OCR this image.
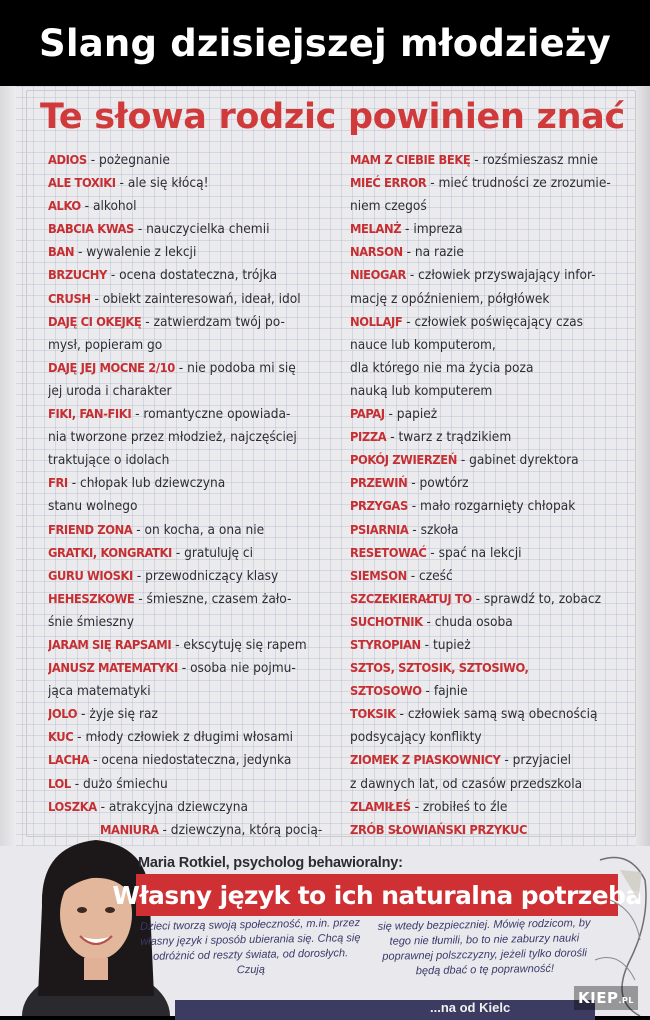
Slang dzisiejszej młodzieży
Te słowa rodzic powinien znać
ADIOS - pożegnanie
ALE TOXIKI - ale się kłócą!
ALKO - alkohol
BABCIA KWAS - nauczycielka chemii
BAN - wywalenie z lekcji
BRZUCHY - ocena dostateczna, trójka
CRUSH - obiekt zainteresowań, ideał, idol
DAJĘ CI OKEJKĘ - zatwierdzam twój po-
mysł, popieram go
DAJĘ JEJ MOCNE 2/10 - nie podoba mi się
jej uroda i charakter
FIKI, FAN-FIKI - romantyczne opowiada-
nia tworzone przez młodzież, najczęściej
traktujące o idolach
FRI - chłopak lub dziewczyna
stanu wolnego
FRIEND ZONA - on kocha, a ona nie
GRATKI, KONGRATKI - gratuluję ci
GURU WIOSKI - przewodniczący klasy
HEHESZKOWE - śmieszne, czasem żało-
śnie śmieszny
JARAM SIĘ RAPSAMI - ekscytuję się rapem
JANUSZ MATEMATYKI - osoba nie pojmu-
jąca matematyki
JOLO - żyje się raz
KUC - młody człowiek z długimi włosami
LACHA - ocena niedostateczna, jedynka
LOL - dużo śmiechu
LOSZKA - atrakcyjna dziewczyna
MANIURA - dziewczyna, którą pocią-
MAM Z CIEBIE BEKĘ - rozśmieszasz mnie
MIEĆ ERROR - mieć trudności ze zrozumie-
niem czegoś
MELANŻ - impreza
NARSON - na razie
NIEOGAR - człowiek przyswajający infor-
mację z opóźnieniem, półgłówek
NOLLAJF - człowiek poświęcający czas
nauce lub komputerom,
dla którego nie ma życia poza
nauką lub komputerem
PAPAJ - papież
PIZZA - twarz z trądzikiem
POKÓJ ZWIERZEŃ - gabinet dyrektora
PRZEWIŃ - powtórz
PRZYGAS - mało rozgarnięty chłopak
PSIARNIA - szkoła
RESETOWAĆ - spać na lekcji
SIEMSON - cześć
SZCZEKIERAŁTUJ TO - sprawdź to, zobacz
SUCHOTNIK - chuda osoba
STYROPIAN - tupież
SZTOS, SZTOSIK, SZTOSIWO,
SZTOSOWO - fajnie
TOKSIK - człowiek samą swą obecnością
podsycający konflikty
ZIOMEK Z PIASKOWNICY - przyjaciel
z dawnych lat, od czasów przedszkola
ZLAMIŁEŚ - zrobiłeś to źle
ZRÓB SŁOWIAŃSKI PRZYKUC
Maria Rotkiel, psycholog behawioralny:
Własny język to ich naturalna potrzeba
Dzieci tworzą swoją społeczność, m.in. przez własny język i sposób ubierania się. Chcą się odróżnić od reszty świata, od dorosłych. Czują
się wtedy bezpieczniej. Mówię rodzicom, by tego nie tłumili, bo to nie zaburzy nauki poprawnej polszczyzny, jeżeli tylko dorośli będą dbać o tę poprawność!
...na od Kielc
KIEP.PL
